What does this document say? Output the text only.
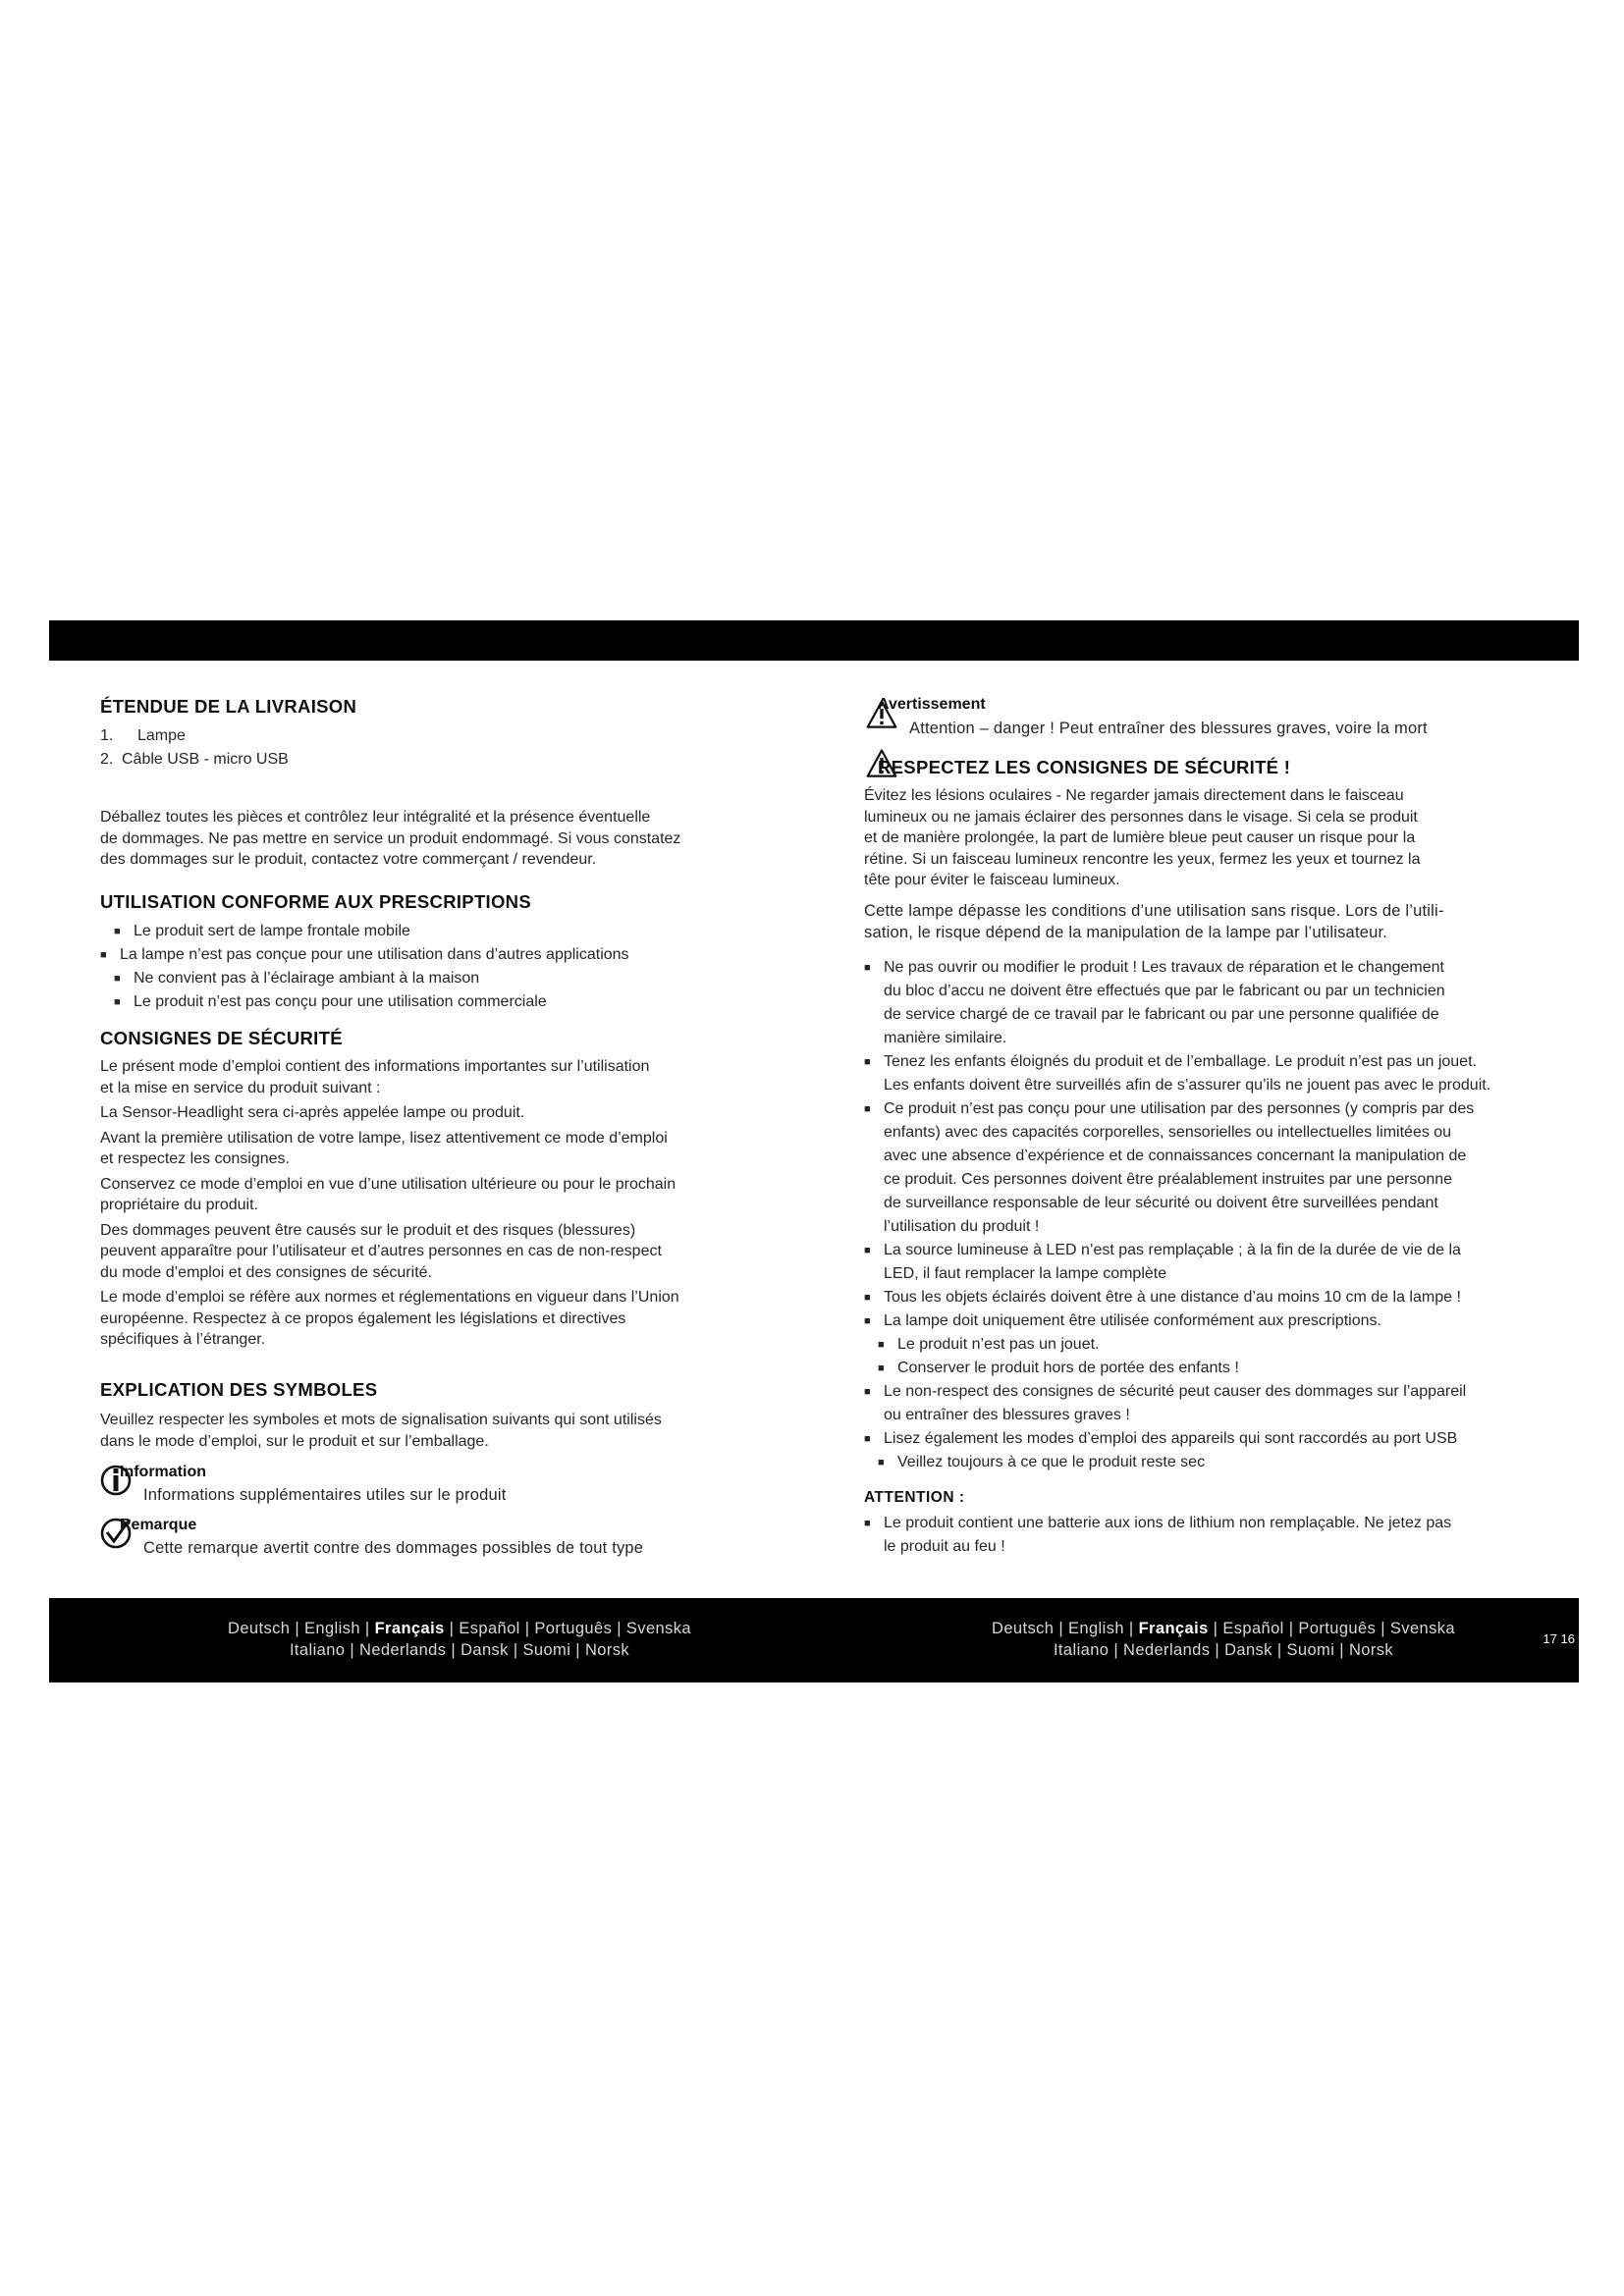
ÉTENDUE DE LA LIVRAISON
1. Lampe
2. Câble USB - micro USB

Déballez toutes les pièces et contrôlez leur intégralité et la présence éventuelle

de dommages. Ne pas mettre en service un produit endommagé. Si vous constatez

des dommages sur le produit, contactez votre commerçant / revendeur.

UTILISATION CONFORME AUX PRESCRIPTIONS
■ Le produit sert de lampe frontale mobile
■ La lampe n’est pas conçue pour une utilisation dans d’autres applications
■ Ne convient pas à l’éclairage ambiant à la maison
■ Le produit n’est pas conçu pour une utilisation commerciale
CONSIGNES DE SÉCURITÉ

Le présent mode d’emploi contient des informations importantes sur l’utilisation

et la mise en service du produit suivant :

La Sensor-Headlight sera ci-après appelée lampe ou produit.

Avant la première utilisation de votre lampe, lisez attentivement ce mode d’emploi

et respectez les consignes.

Conservez ce mode d’emploi en vue d’une utilisation ultérieure ou pour le prochain

propriétaire du produit.

Des dommages peuvent être causés sur le produit et des risques (blessures)

peuvent apparaître pour l’utilisateur et d’autres personnes en cas de non-respect

du mode d’emploi et des consignes de sécurité.

Le mode d’emploi se réfère aux normes et réglementations en vigueur dans l’Union

européenne. Respectez à ce propos également les législations et directives

spécifiques à l’étranger.

EXPLICATION DES SYMBOLES

Veuillez respecter les symboles et mots de signalisation suivants qui sont utilisés

dans le mode d’emploi, sur le produit et sur l’emballage.

Information
Informations supplémentaires utiles sur le produit
Remarque
Cette remarque avertit contre des dommages possibles de tout type
Avertissement
Attention – danger ! Peut entraîner des blessures graves, voire la mort
RESPECTEZ LES CONSIGNES DE SÉCURITÉ !

Évitez les lésions oculaires - Ne regarder jamais directement dans le faisceau

lumineux ou ne jamais éclairer des personnes dans le visage. Si cela se produit

et de manière prolongée, la part de lumière bleue peut causer un risque pour la

rétine. Si un faisceau lumineux rencontre les yeux, fermez les yeux et tournez la

tête pour éviter le faisceau lumineux.

Cette lampe dépasse les conditions d’une utilisation sans risque. Lors de l’utili-

sation, le risque dépend de la manipulation de la lampe par l’utilisateur.

■ Ne pas ouvrir ou modifier le produit ! Les travaux de réparation et le changement
du bloc d’accu ne doivent être effectués que par le fabricant ou par un technicien
de service chargé de ce travail par le fabricant ou par une personne qualifiée de
manière similaire.
■ Tenez les enfants éloignés du produit et de l’emballage. Le produit n’est pas un jouet.
Les enfants doivent être surveillés afin de s’assurer qu’ils ne jouent pas avec le produit.
■ Ce produit n’est pas conçu pour une utilisation par des personnes (y compris par des
enfants) avec des capacités corporelles, sensorielles ou intellectuelles limitées ou
avec une absence d’expérience et de connaissances concernant la manipulation de
ce produit. Ces personnes doivent être préalablement instruites par une personne
de surveillance responsable de leur sécurité ou doivent être surveillées pendant
l’utilisation du produit !
■ La source lumineuse à LED n’est pas remplaçable ; à la fin de la durée de vie de la
LED, il faut remplacer la lampe complète
■ Tous les objets éclairés doivent être à une distance d’au moins 10 cm de la lampe !
■ La lampe doit uniquement être utilisée conformément aux prescriptions.
■ Le produit n’est pas un jouet.
■ Conserver le produit hors de portée des enfants !
■ Le non-respect des consignes de sécurité peut causer des dommages sur l’appareil
ou entraîner des blessures graves !
■ Lisez également les modes d’emploi des appareils qui sont raccordés au port USB
■ Veillez toujours à ce que le produit reste sec
ATTENTION :
■ Le produit contient une batterie aux ions de lithium non remplaçable. Ne jetez pas
le produit au feu !
Deutsch | English | Français | Español | Português | Svenska
Italiano | Nederlands | Dansk | Suomi | Norsk
Deutsch | English | Français | Español | Português | Svenska
Italiano | Nederlands | Dansk | Suomi | Norsk
17 16
